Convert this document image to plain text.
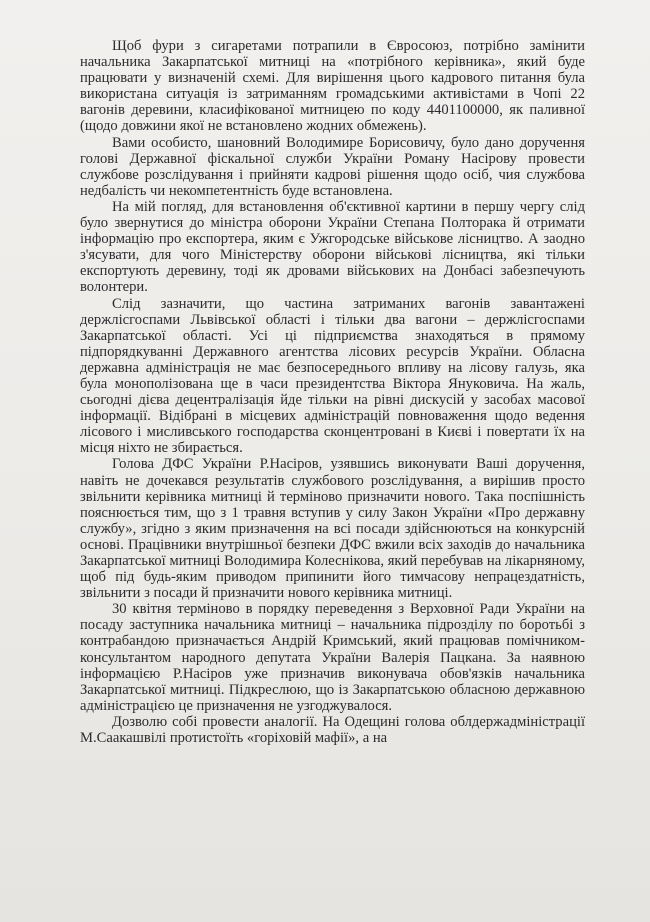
Щоб фури з сигаретами потрапили в Євросоюз, потрібно замінити начальника Закарпатської митниці на «потрібного керівника», який буде працювати у визначеній схемі. Для вирішення цього кадрового питання була використана ситуація із затриманням громадськими активістами в Чопі 22 вагонів деревини, класифікованої митницею по коду 4401100000, як паливної (щодо довжини якої не встановлено жодних обмежень).

Вами особисто, шановний Володимире Борисовичу, було дано доручення голові Державної фіскальної служби України Роману Насірову провести службове розслідування і прийняти кадрові рішення щодо осіб, чия службова недбалість чи некомпетентність буде встановлена.

На мій погляд, для встановлення об'єктивної картини в першу чергу слід було звернутися до міністра оборони України Степана Полторака й отримати інформацію про експортера, яким є Ужгородське військове лісництво. А заодно з'ясувати, для чого Міністерству оборони військові лісництва, які тільки експортують деревину, тоді як дровами військових на Донбасі забезпечують волонтери.

Слід зазначити, що частина затриманих вагонів завантажені держлісгоспами Львівської області і тільки два вагони – держлісгоспами Закарпатської області. Усі ці підприємства знаходяться в прямому підпорядкуванні Державного агентства лісових ресурсів України. Обласна державна адміністрація не має безпосереднього впливу на лісову галузь, яка була монополізована ще в часи президентства Віктора Януковича. На жаль, сьогодні дієва децентралізація йде тільки на рівні дискусій у засобах масової інформації. Відібрані в місцевих адміністрацій повноваження щодо ведення лісового і мисливського господарства сконцентровані в Києві і повертати їх на місця ніхто не збирається.

Голова ДФС України Р.Насіров, узявшись виконувати Ваші доручення, навіть не дочекався результатів службового розслідування, а вирішив просто звільнити керівника митниці й терміново призначити нового. Така поспішність пояснюється тим, що з 1 травня вступив у силу Закон України «Про державну службу», згідно з яким призначення на всі посади здійснюються на конкурсній основі. Працівники внутрішньої безпеки ДФС вжили всіх заходів до начальника Закарпатської митниці Володимира Колеснікова, який перебував на лікарняному, щоб під будь-яким приводом припинити його тимчасову непрацездатність, звільнити з посади й призначити нового керівника митниці.

30 квітня терміново в порядку переведення з Верховної Ради України на посаду заступника начальника митниці – начальника підрозділу по боротьбі з контрабандою призначається Андрій Кримський, який працював помічником-консультантом народного депутата України Валерія Пацкана. За наявною інформацією Р.Насіров уже призначив виконувача обов'язків начальника Закарпатської митниці. Підкреслюю, що із Закарпатською обласною державною адміністрацією це призначення не узгоджувалося.

Дозволю собі провести аналогії. На Одещині голова облдержадміністрації М.Саакашвілі протистоїть «горіховій мафії», а на
